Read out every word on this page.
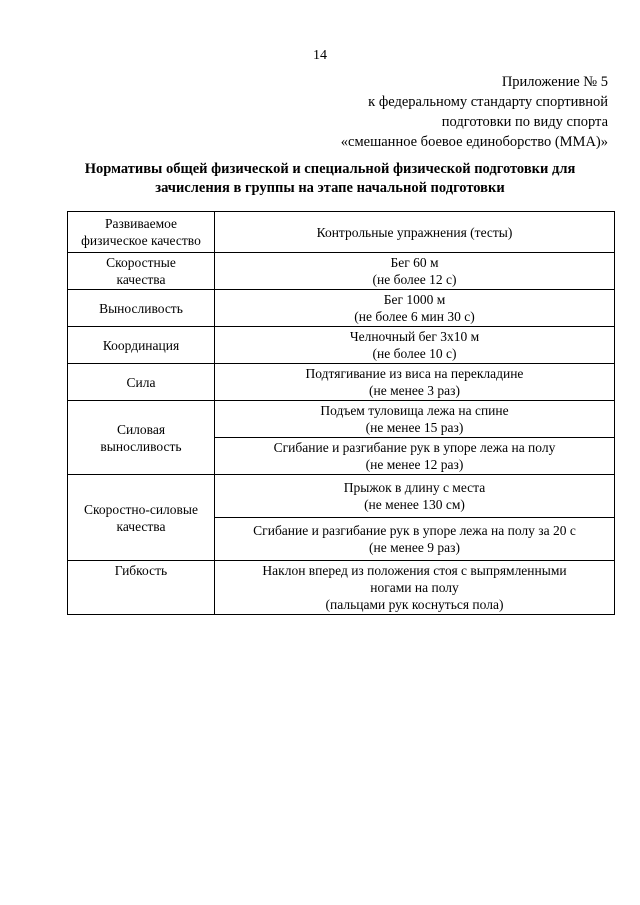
14
Приложение № 5
к федеральному стандарту спортивной
подготовки по виду спорта
«смешанное боевое единоборство (ММА)»
Нормативы общей физической и специальной физической подготовки для
зачисления в группы на этапе начальной подготовки
Развиваемое
физическое качество	Контрольные упражнения (тесты)

Скоростные
качества	Бег 60 м
(не более 12 с)

Выносливость	Бег 1000 м
(не более 6 мин 30 с)

Координация	Челночный бег 3x10 м
(не более 10 с)

Сила	Подтягивание из виса на перекладине
(не менее 3 раз)

Силовая
выносливость	Подъем туловища лежа на спине
(не менее 15 раз)

	Сгибание и разгибание рук в упоре лежа на полу
(не менее 12 раз)

Скоростно-силовые
качества	Прыжок в длину с места
(не менее 130 см)

	Сгибание и разгибание рук в упоре лежа на полу за 20 с
(не менее 9 раз)

Гибкость	Наклон вперед из положения стоя с выпрямленными
ногами на полу
(пальцами рук коснуться пола)
